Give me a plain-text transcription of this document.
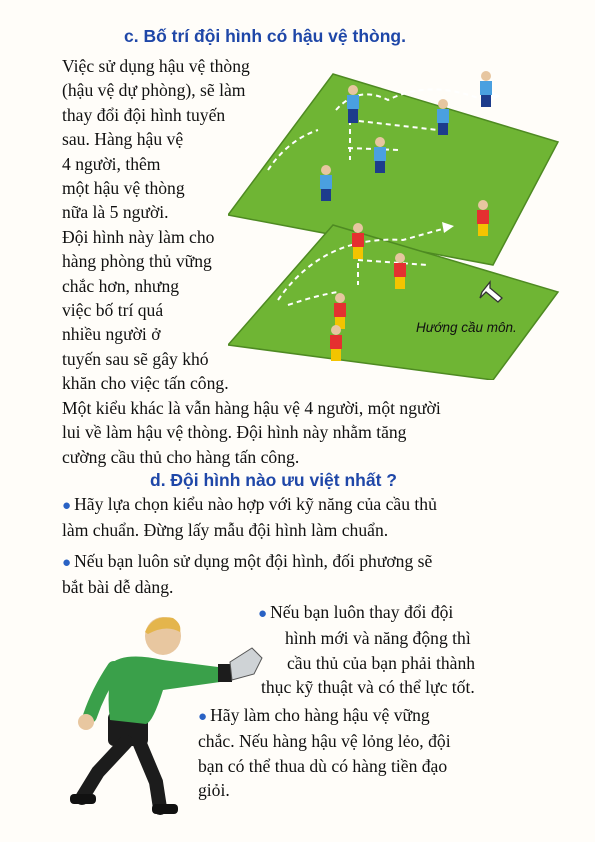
c. Bố trí đội hình có hậu vệ thòng.
Việc sử dụng hậu vệ thòng
(hậu vệ dự phòng), sẽ làm
thay đổi đội hình tuyến
sau. Hàng hậu vệ
4 người, thêm
một hậu vệ thòng
nữa là 5 người.
Đội hình này làm cho
hàng phòng thủ vững
chắc hơn, nhưng
việc bố trí quá
nhiều người ở
tuyến sau sẽ gây khó
khăn cho việc tấn công.
Một kiểu khác là vẫn hàng hậu vệ 4 người, một người
lui về làm hậu vệ thòng. Đội hình này nhằm tăng
cường cầu thủ cho hàng tấn công.
Hướng cầu môn.
d. Đội hình nào ưu việt nhất ?
● Hãy lựa chọn kiểu nào hợp với kỹ năng của cầu thủ
làm chuẩn. Đừng lấy mẫu đội hình làm chuẩn.
● Nếu bạn luôn sử dụng một đội hình, đối phương sẽ
bắt bài dễ dàng.
● Nếu bạn luôn thay đổi đội
hình mới và năng động thì
cầu thủ của bạn phải thành
thục kỹ thuật và có thể lực tốt.
● Hãy làm cho hàng hậu vệ vững
chắc. Nếu hàng hậu vệ lỏng lẻo, đội
bạn có thể thua dù có hàng tiền đạo
giỏi.
